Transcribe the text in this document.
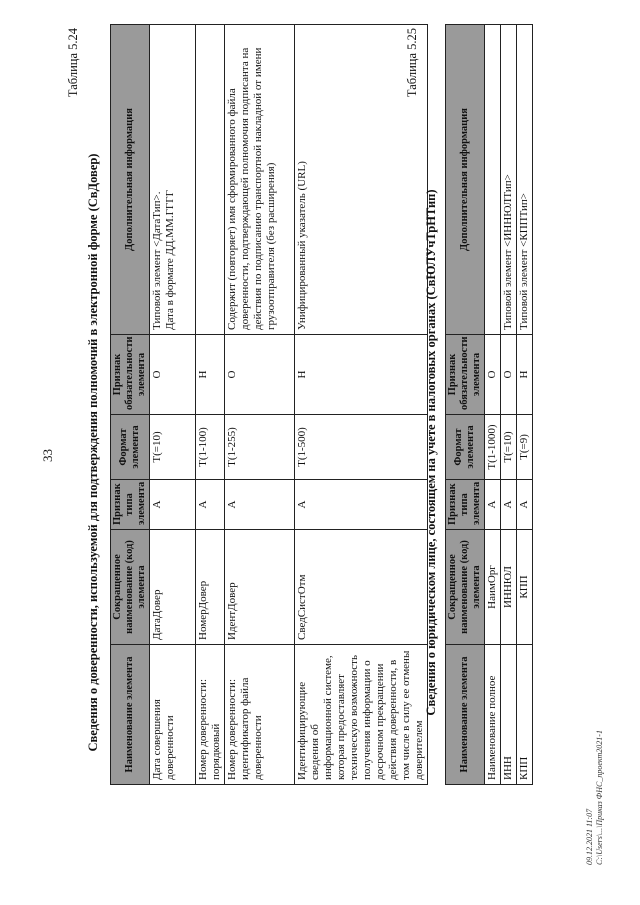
33
Таблица 5.24
Сведения о доверенности, используемой для подтверждения полномочий в электронной форме (СвДовер) Наименование элемента	Сокращенное наименование (код) элемента	Признак типа элемента	Формат элемента	Признак обязательности элемента	Дополнительная информация
Дата совершения доверенности	ДатаДовер	А	T(=10)	О	Типовой элемент <ДатаТип>.
Дата в формате ДД.ММ.ГГГГ
Номер доверенности: порядковый	НомерДовер	А	T(1-100)	Н	
Номер доверенности: идентификатор файла доверенности	ИдентДовер	А	T(1-255)	О	Содержит (повторяет) имя сформированного файла доверенности, подтверждающей полномочия подписанта на действия по подписанию транспортной накладной от имени грузоотправителя (без расширения)
Идентифицирующие сведения об информационной системе, которая предоставляет техническую возможность получения информации о досрочном прекращении действия доверенности, в том числе в силу ее отмены доверителем	СведСистОтм	А	T(1-500)	Н	Унифицированный указатель (URL)
Таблица 5.25
Сведения о юридическом лице, состоящем на учете в налоговых органах (СвЮЛУчТрНТип) Наименование элемента	Сокращенное наименование (код) элемента	Признак типа элемента	Формат элемента	Признак обязательности элемента	Дополнительная информация
Наименование полное	НаимОрг	А	T(1-1000)	О	
ИНН	ИННЮЛ	А	T(=10)	О	Типовой элемент <ИННЮЛТип>
КПП	КПП	А	T(=9)	Н	Типовой элемент <КППТип>
09.12.2021 11:07 C:\Users\...\Приказ ФНС_проект2021-1
